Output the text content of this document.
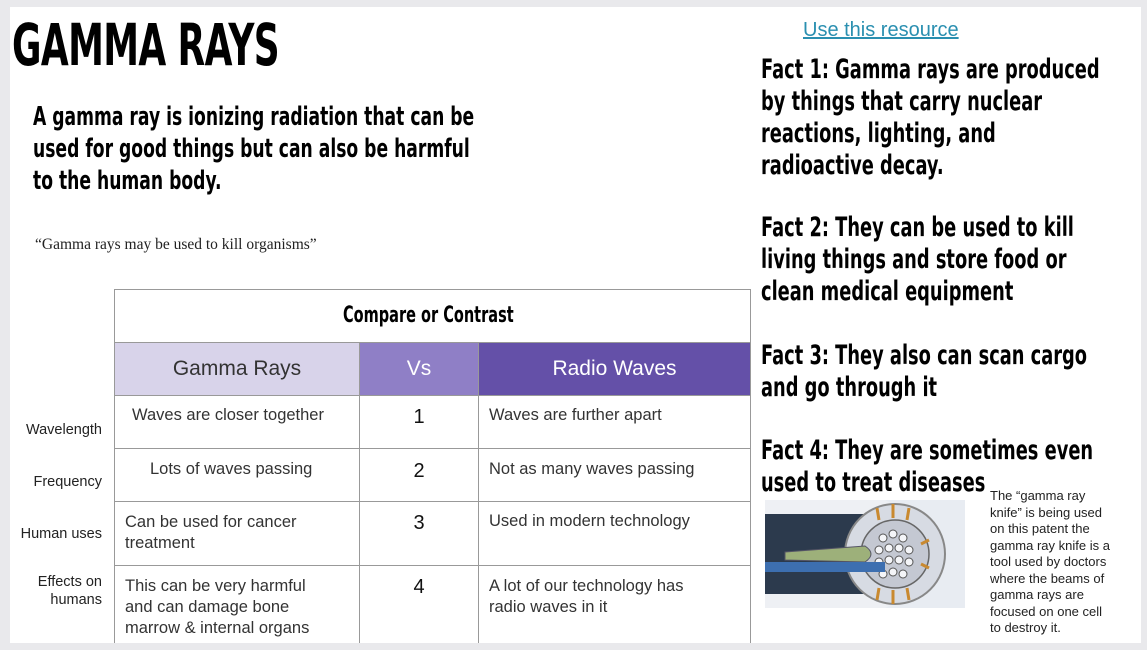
GAMMA RAYS
A gamma ray is ionizing radiation that can be
used for good things but can also be harmful
to the human body.
“Gamma rays may be used to kill organisms”
Use this resource
Fact 1: Gamma rays are produced
by things that carry nuclear
reactions, lighting, and
radioactive decay.
Fact 2: They can be used to kill
living things and store food or
clean medical equipment
Fact 3: They also can scan cargo
and go through it
Fact 4: They are sometimes even
used to treat diseases
Wavelength
Frequency
Human uses
Effects on
humans
Compare or Contrast
Gamma Rays	Vs	Radio Waves
Waves are closer together	1	Waves are further apart
Lots of waves passing	2	Not as many waves passing
Can be used for cancer
treatment
3	Used in modern technology
This can be very harmful
and can damage bone
marrow & internal organs
4	A lot of our technology has
radio waves in it
The “gamma ray
knife” is being used
on this patent the
gamma ray knife is a
tool used by doctors
where the beams of
gamma rays are
focused on one cell
to destroy it.
